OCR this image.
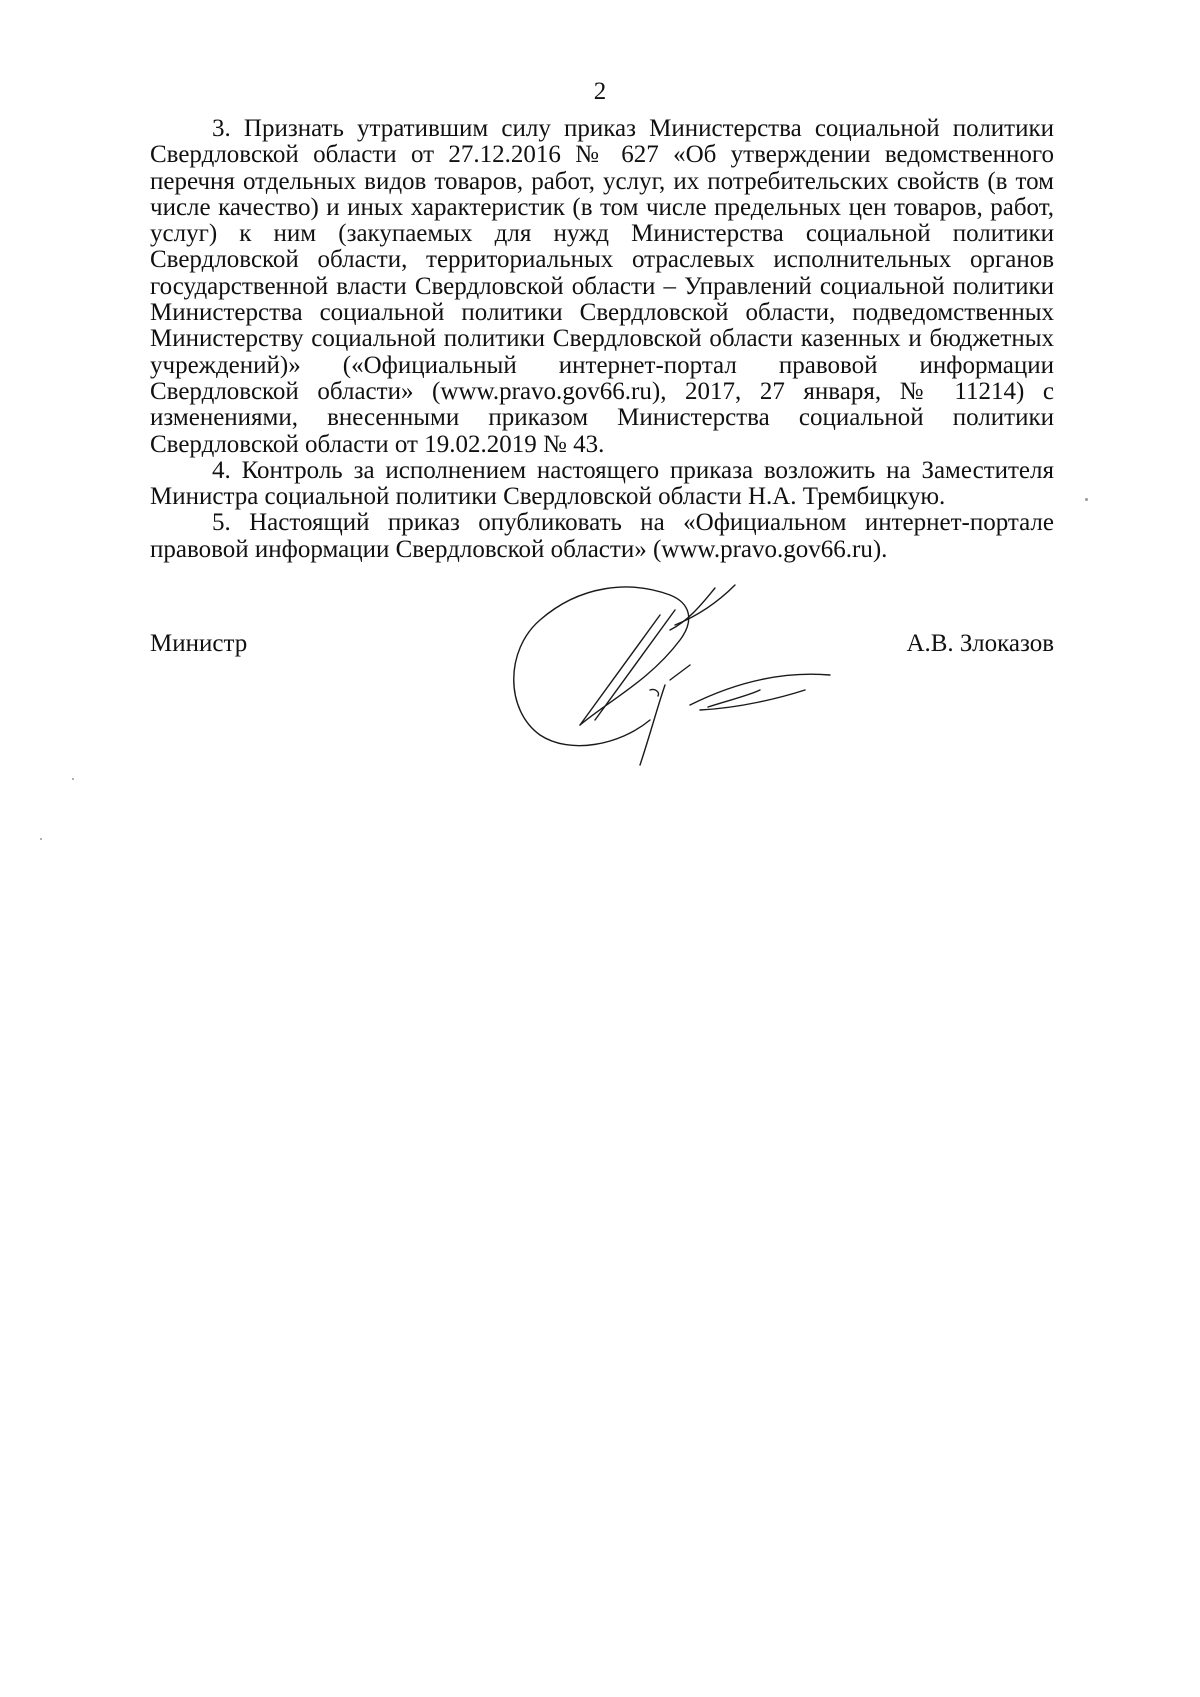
2

3. Признать утратившим силу приказ Министерства социальной политики Свердловской области от 27.12.2016 № 627 «Об утверждении ведомственного перечня отдельных видов товаров, работ, услуг, их потребительских свойств (в том числе качество) и иных характеристик (в том числе предельных цен товаров, работ, услуг) к ним (закупаемых для нужд Министерства социальной политики Свердловской области, территориальных отраслевых исполнительных органов государственной власти Свердловской области – Управлений социальной политики Министерства социальной политики Свердловской области, подведомственных Министерству социальной политики Свердловской области казенных и бюджетных учреждений)» («Официальный интернет-портал правовой информации Свердловской области» (www.pravo.gov66.ru), 2017, 27 января, № 11214) с изменениями, внесенными приказом Министерства социальной политики Свердловской области от 19.02.2019 № 43.

4. Контроль за исполнением настоящего приказа возложить на Заместителя Министра социальной политики Свердловской области Н.А. Трембицкую.

5. Настоящий приказ опубликовать на «Официальном интернет-портале правовой информации Свердловской области» (www.pravo.gov66.ru).

Министр	А.В. Злоказов
